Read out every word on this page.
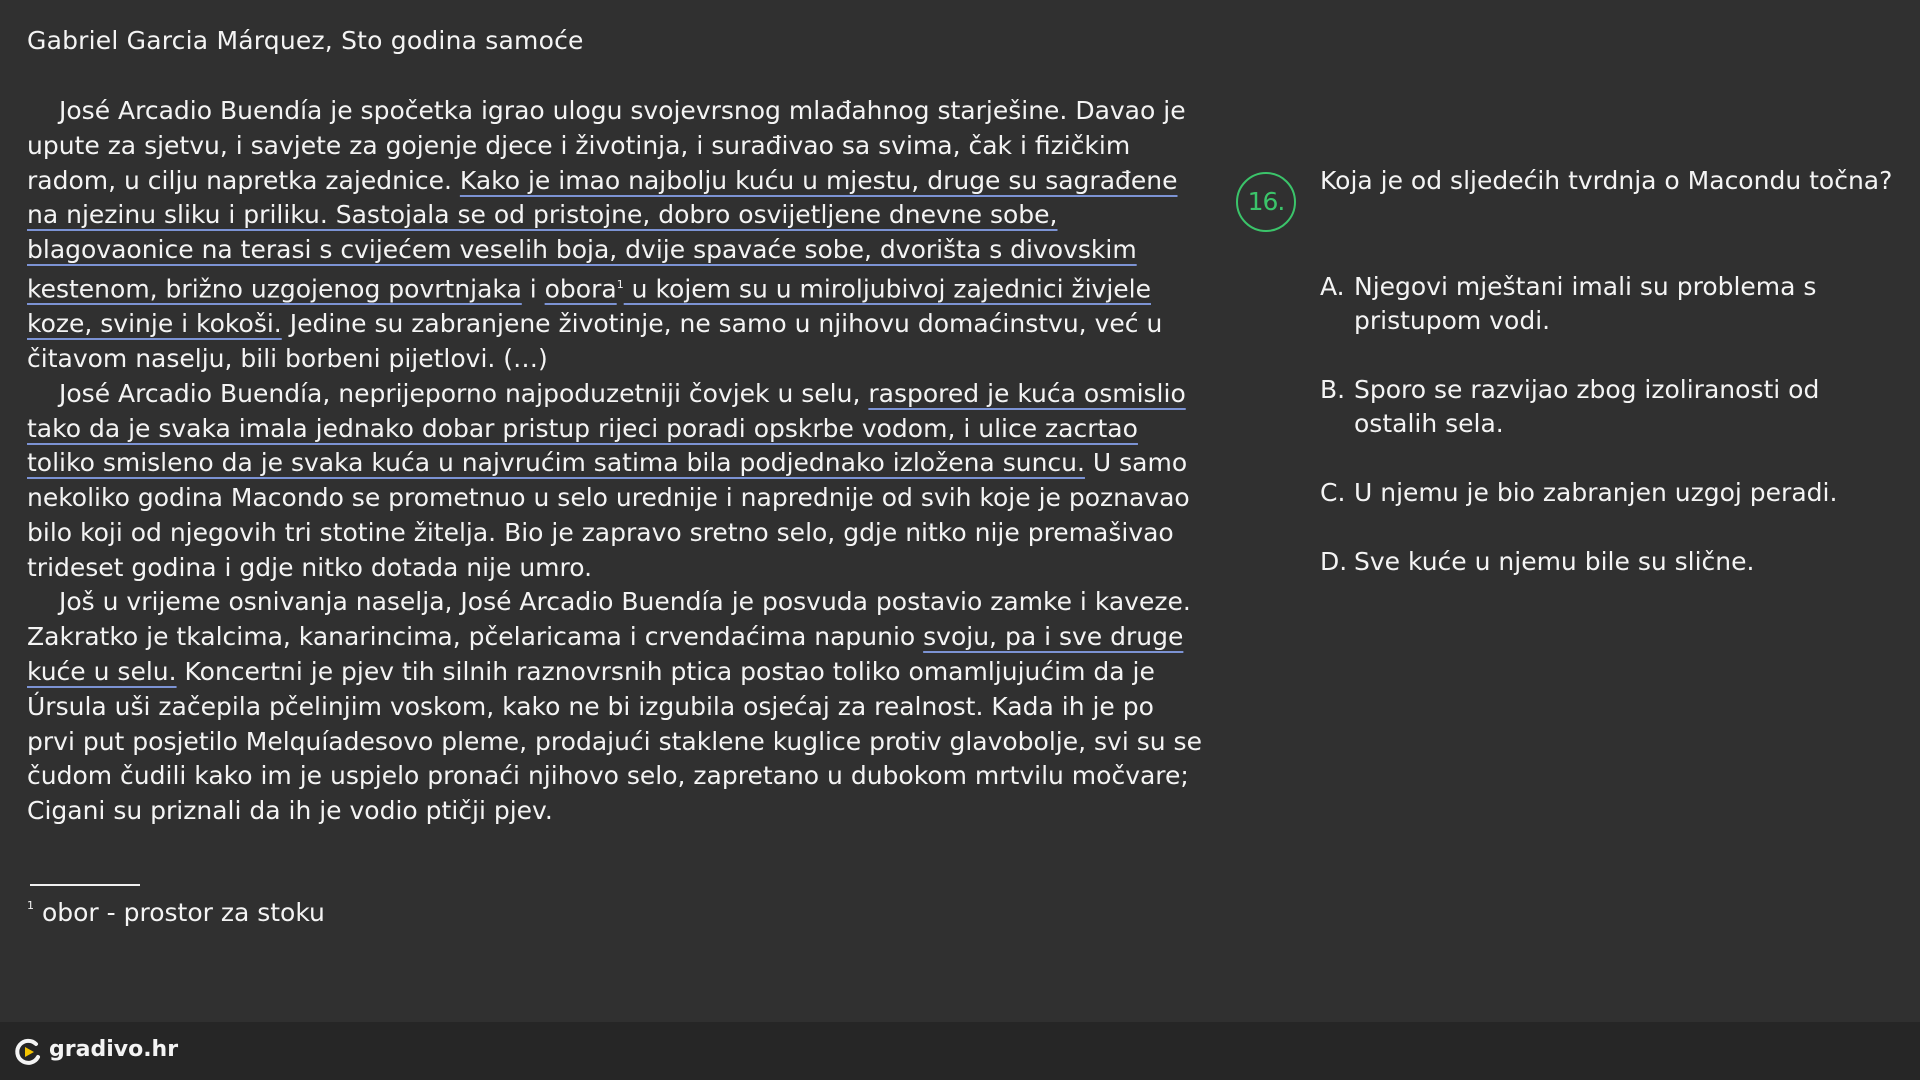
Gabriel Garcia Márquez, Sto godina samoće

José Arcadio Buendía je spočetka igrao ulogu svojevrsnog mlađahnog starješine. Davao je upute za sjetvu, i savjete za gojenje djece i životinja, i surađivao sa svima, čak i fizičkim radom, u cilju napretka zajednice. Kako je imao najbolju kuću u mjestu, druge su sagrađene na njezinu sliku i priliku. Sastojala se od pristojne, dobro osvijetljene dnevne sobe, blagovaonice na terasi s cvijećem veselih boja, dvije spavaće sobe, dvorišta s divovskim kestenom, brižno uzgojenog povrtnjaka i obora$^1$ u kojem su u miroljubivoj zajednici živjele koze, svinje i kokoši. Jedine su zabranjene životinje, ne samo u njihovu domaćinstvu, već u čitavom naselju, bili borbeni pijetlovi. (…)

José Arcadio Buendía, neprijeporno najpoduzetniji čovjek u selu, raspored je kuća osmislio tako da je svaka imala jednako dobar pristup rijeci poradi opskrbe vodom, i ulice zacrtao toliko smisleno da je svaka kuća u najvrućim satima bila podjednako izložena suncu. U samo nekoliko godina Macondo se prometnuo u selo urednije i naprednije od svih koje je poznavao bilo koji od njegovih tri stotine žitelja. Bio je zapravo sretno selo, gdje nitko nije premašivao trideset godina i gdje nitko dotada nije umro.

Još u vrijeme osnivanja naselja, José Arcadio Buendía je posvuda postavio zamke i kaveze. Zakratko je tkalcima, kanarincima, pčelaricama i crvendaćima napunio svoju, pa i sve druge kuće u selu. Koncertni je pjev tih silnih raznovrsnih ptica postao toliko omamljujućim da je Úrsula uši začepila pčelinjim voskom, kako ne bi izgubila osjećaj za realnost. Kada ih je po prvi put posjetilo Melquíadesovo pleme, prodajući staklene kuglice protiv glavobolje, svi su se čudom čudili kako im je uspjelo pronaći njihovo selo, zapretano u dubokom mrtvilu močvare; Cigani su priznali da ih je vodio ptičji pjev.

$^1$ obor - prostor za stoku
16.
Koja je od sljedećih tvrdnja o Macondu točna?
A. Njegovi mještani imali su problema s pristupom vodi.
B. Sporo se razvijao zbog izoliranosti od ostalih sela.
C. U njemu je bio zabranjen uzgoj peradi.
D. Sve kuće u njemu bile su slične.
gradivo.hr
